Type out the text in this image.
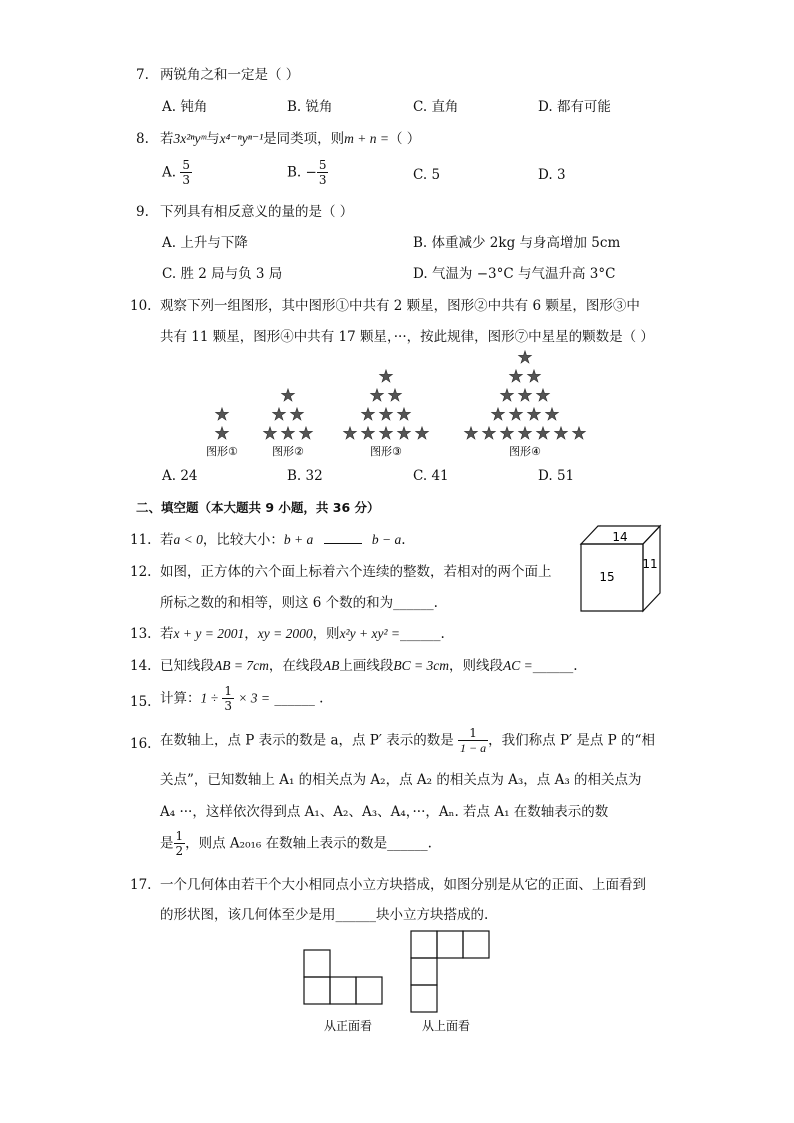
7. 两锐角之和一定是（ ）
A. 钝角	B. 锐角	C. 直角	D. 都有可能
8. 若3x²ⁿyᵐ与x⁴⁻ⁿyⁿ⁻¹是同类项，则m + n =（ ）
A. $\frac{5}{3}$	B. − $\frac{5}{3}$	C. 5	D. 3
9. 下列具有相反意义的量的是（ ）
A. 上升与下降	B. 体重减少 2kg 与身高增加 5cm
C. 胜 2 局与负 3 局	D. 气温为 −3°C 与气温升高 3°C
10. 观察下列一组图形，其中图形①中共有 2 颗星，图形②中共有 6 颗星，图形③中
共有 11 颗星，图形④中共有 17 颗星，···，按此规律，图形⑦中星星的颗数是（ ）
★
★
★
★ ★
★ ★ ★
★
★ ★
★ ★ ★
★ ★ ★ ★ ★
★
★ ★
★ ★ ★
★ ★ ★ ★
★ ★ ★ ★ ★ ★ ★
图形①	图形②	图形③	图形④
A. 24	B. 32	C. 41	D. 51
二、填空题（本大题共 9 小题，共 36 分）
11. 若a < 0，比较大小：b + a	b − a.
12. 如图，正方体的六个面上标着六个连续的整数，若相对的两个面上
所标之数的和相等，则这 6 个数的和为______.
14
11
15
13. 若x + y = 2001，xy = 2000，则x²y + xy² =______.
14. 已知线段AB = 7cm，在线段AB上画线段BC = 3cm，则线段AC =______.
15. 计算：$1 \div \frac{1}{3} \times 3$ = ______ .
16. 在数轴上，点 P 表示的数是 a，点 P′ 表示的数是 $\frac{1}{1 - a}$ ，我们称点 P′ 是点 P 的“相
关点”，已知数轴上 A₁ 的相关点为 A₂，点 A₂ 的相关点为 A₃，点 A₃ 的相关点为
A₄ ···，这样依次得到点 A₁、A₂、A₃、A₄，···，Aₙ. 若点 A₁ 在数轴表示的数
是 $\frac{1}{2}$ ，则点 A₂₀₁₆ 在数轴上表示的数是______.
17. 一个几何体由若干个大小相同点小立方块搭成，如图分别是从它的正面、上面看到
的形状图，该几何体至少是用______块小立方块搭成的.
从正面看	从上面看
